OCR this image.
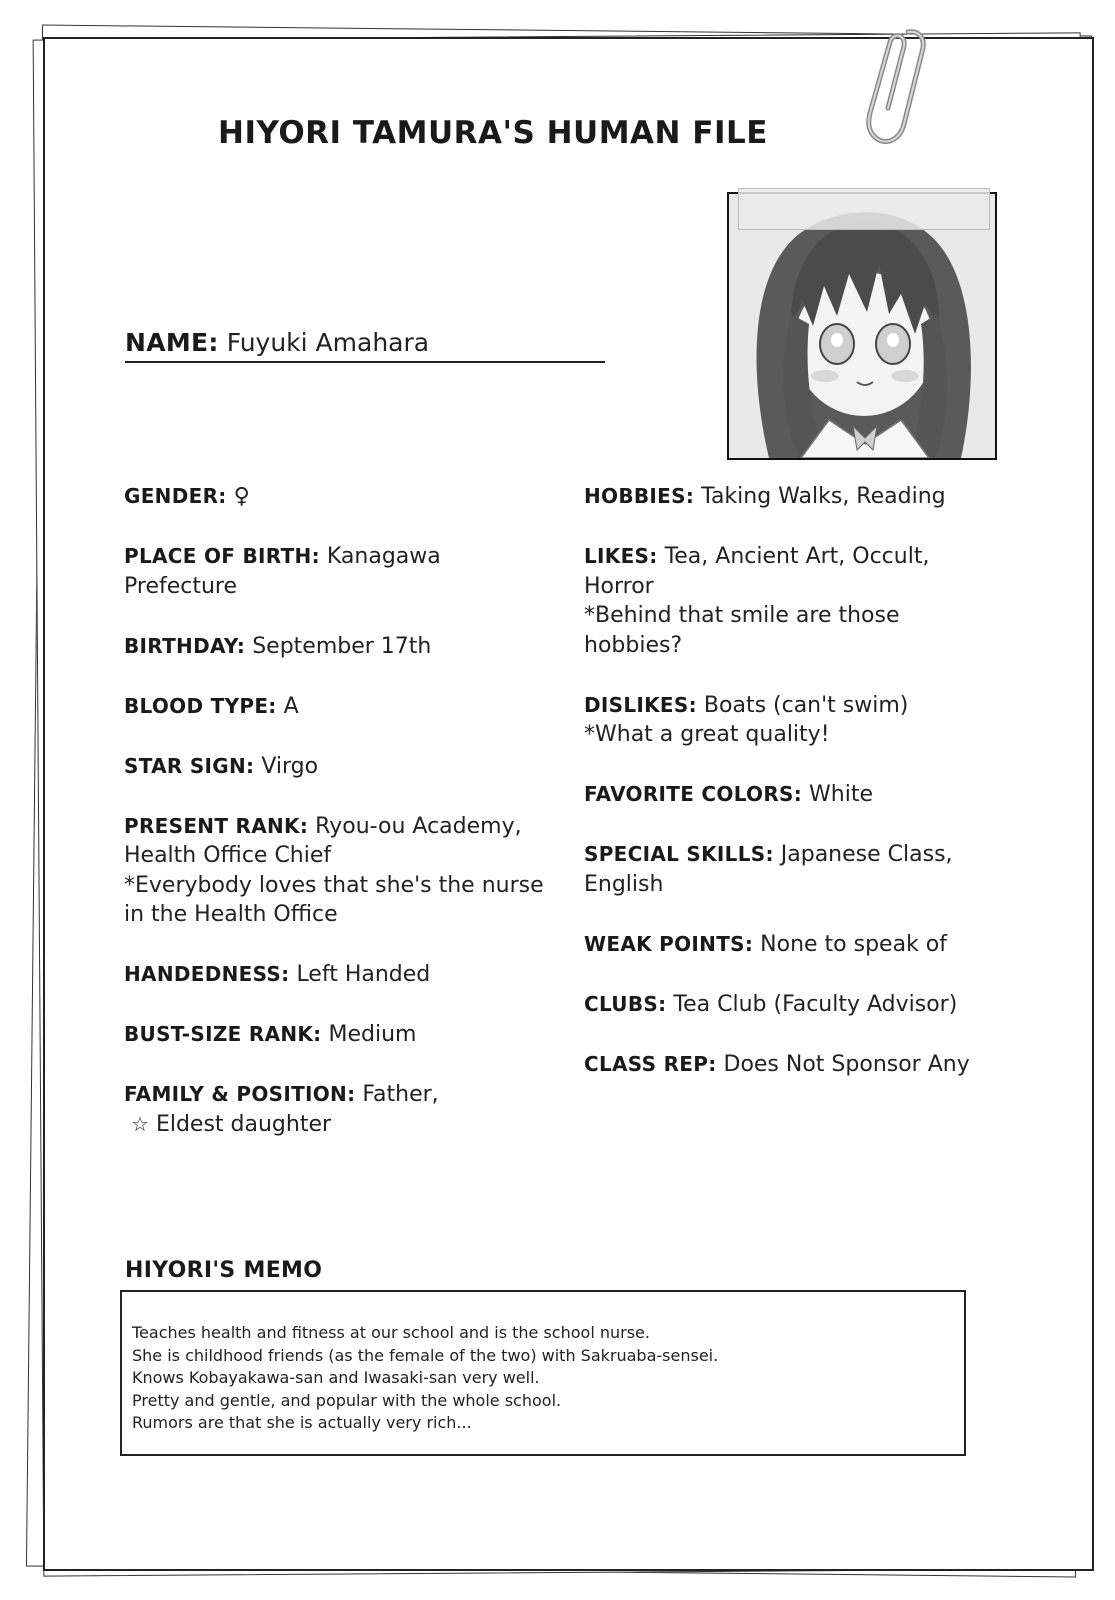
HIYORI TAMURA'S HUMAN FILE
NAME: Fuyuki Amahara
GENDER: ♀
PLACE OF BIRTH: Kanagawa Prefecture
BIRTHDAY: September 17th
BLOOD TYPE: A
STAR SIGN: Virgo
PRESENT RANK: Ryou-ou Academy, Health Office Chief
*Everybody loves that she's the nurse in the Health Office
HANDEDNESS: Left Handed
BUST-SIZE RANK: Medium
FAMILY & POSITION: Father,
☆ Eldest daughter
HOBBIES: Taking Walks, Reading
LIKES: Tea, Ancient Art, Occult, Horror
*Behind that smile are those hobbies?
DISLIKES: Boats (can't swim)
*What a great quality!
FAVORITE COLORS: White
SPECIAL SKILLS: Japanese Class, English
WEAK POINTS: None to speak of
CLUBS: Tea Club (Faculty Advisor)
CLASS REP: Does Not Sponsor Any
HIYORI'S MEMO
Teaches health and fitness at our school and is the school nurse.
She is childhood friends (as the female of the two) with Sakruaba-sensei.
Knows Kobayakawa-san and Iwasaki-san very well.
Pretty and gentle, and popular with the whole school.
Rumors are that she is actually very rich...
